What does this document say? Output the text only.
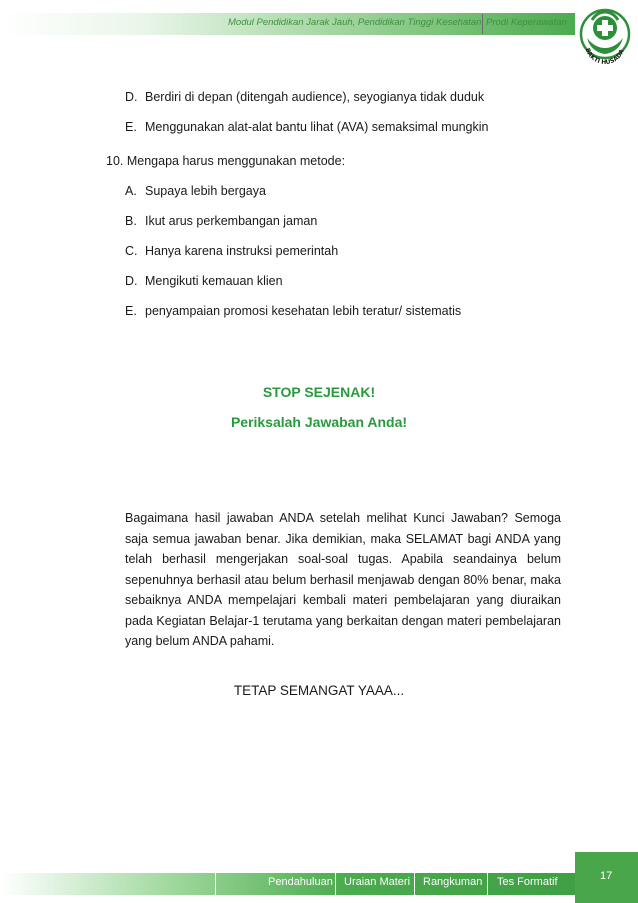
Modul Pendidikan Jarak Jauh, Pendidikan Tinggi Kesehatan Prodi Keperawatan
BAKTI HUSADA
D. Berdiri di depan (ditengah audience), seyogianya tidak duduk
E. Menggunakan alat-alat bantu lihat (AVA) semaksimal mungkin
10. Mengapa harus menggunakan metode:
A. Supaya lebih bergaya
B. Ikut arus perkembangan jaman
C. Hanya karena instruksi pemerintah
D. Mengikuti kemauan klien
E. penyampaian promosi kesehatan lebih teratur/ sistematis
STOP SEJENAK!
Periksalah Jawaban Anda!
Bagaimana hasil jawaban ANDA setelah melihat Kunci Jawaban? Semoga saja semua jawaban benar. Jika demikian, maka SELAMAT bagi ANDA yang telah berhasil mengerjakan soal-soal tugas. Apabila seandainya belum sepenuhnya berhasil atau belum berhasil menjawab dengan 80% benar, maka sebaiknya ANDA mempelajari kembali materi pembelajaran yang diuraikan pada Kegiatan Belajar-1 terutama yang berkaitan dengan materi pembelajaran yang belum ANDA pahami.
TETAP SEMANGAT YAAA...
Pendahuluan Uraian Materi Rangkuman Tes Formatif	17
